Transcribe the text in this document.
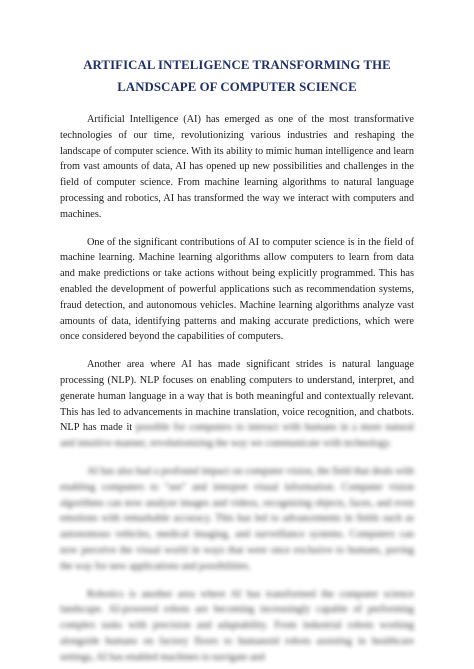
ARTIFICAL INTELIGENCE TRANSFORMING THE
LANDSCAPE OF COMPUTER SCIENCE

Artificial Intelligence (AI) has emerged as one of the most transformative technologies of our time, revolutionizing various industries and reshaping the landscape of computer science. With its ability to mimic human intelligence and learn from vast amounts of data, AI has opened up new possibilities and challenges in the field of computer science. From machine learning algorithms to natural language processing and robotics, AI has transformed the way we interact with computers and machines.

One of the significant contributions of AI to computer science is in the field of machine learning. Machine learning algorithms allow computers to learn from data and make predictions or take actions without being explicitly programmed. This has enabled the development of powerful applications such as recommendation systems, fraud detection, and autonomous vehicles. Machine learning algorithms analyze vast amounts of data, identifying patterns and making accurate predictions, which were once considered beyond the capabilities of computers.

Another area where AI has made significant strides is natural language processing (NLP). NLP focuses on enabling computers to understand, interpret, and generate human language in a way that is both meaningful and contextually relevant. This has led to advancements in machine translation, voice recognition, and chatbots. NLP has made it possible for computers to interact with humans in a more natural and intuitive manner, revolutionizing the way we communicate with technology.

AI has also had a profound impact on computer vision, the field that deals with enabling computers to "see" and interpret visual information. Computer vision algorithms can now analyze images and videos, recognizing objects, faces, and even emotions with remarkable accuracy. This has led to advancements in fields such as autonomous vehicles, medical imaging, and surveillance systems. Computers can now perceive the visual world in ways that were once exclusive to humans, paving the way for new applications and possibilities.

Robotics is another area where AI has transformed the computer science landscape. AI-powered robots are becoming increasingly capable of performing complex tasks with precision and adaptability. From industrial robots working alongside humans on factory floors to humanoid robots assisting in healthcare settings, AI has enabled machines to navigate and
